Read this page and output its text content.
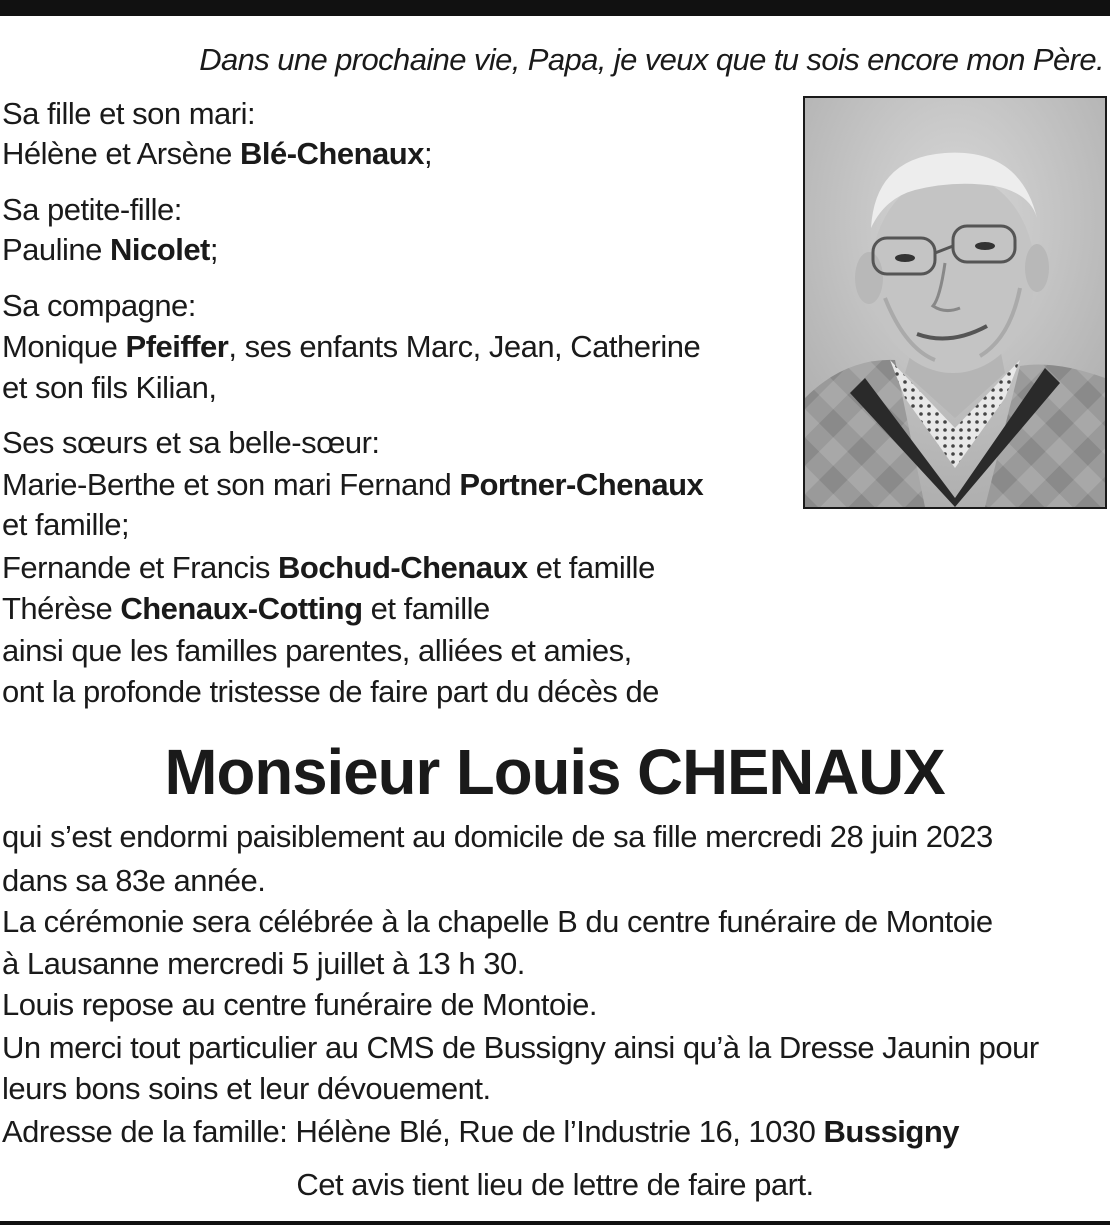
Dans une prochaine vie, Papa, je veux que tu sois encore mon Père.
Sa fille et son mari:
Hélène et Arsène Blé-Chenaux;
Sa petite-fille:
Pauline Nicolet;
Sa compagne:
Monique Pfeiffer, ses enfants Marc, Jean, Catherine
et son fils Kilian,
Ses sœurs et sa belle-sœur:
Marie-Berthe et son mari Fernand Portner-Chenaux
et famille;
Fernande et Francis Bochud-Chenaux et famille
Thérèse Chenaux-Cotting et famille
ainsi que les familles parentes, alliées et amies,
ont la profonde tristesse de faire part du décès de
Monsieur Louis CHENAUX
qui s’est endormi paisiblement au domicile de sa fille mercredi 28 juin 2023
dans sa 83e année.
La cérémonie sera célébrée à la chapelle B du centre funéraire de Montoie
à Lausanne mercredi 5 juillet à 13 h 30.
Louis repose au centre funéraire de Montoie.
Un merci tout particulier au CMS de Bussigny ainsi qu’à la Dresse Jaunin pour
leurs bons soins et leur dévouement.
Adresse de la famille: Hélène Blé, Rue de l’Industrie 16, 1030 Bussigny
Cet avis tient lieu de lettre de faire part.
